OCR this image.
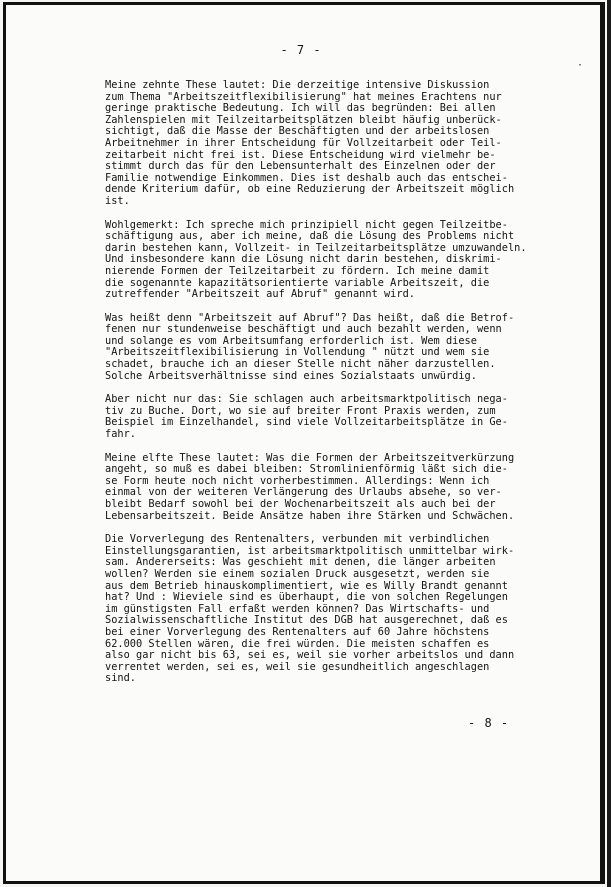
- 7 -
·
Meine zehnte These lautet: Die derzeitige intensive Diskussion
zum Thema "Arbeitszeitflexibilisierung" hat meines Erachtens nur
geringe praktische Bedeutung. Ich will das begründen: Bei allen
Zahlenspielen mit Teilzeitarbeitsplätzen bleibt häufig unberück-
sichtigt, daß die Masse der Beschäftigten und der arbeitslosen
Arbeitnehmer in ihrer Entscheidung für Vollzeitarbeit oder Teil-
zeitarbeit nicht frei ist. Diese Entscheidung wird vielmehr be-
stimmt durch das für den Lebensunterhalt des Einzelnen oder der
Familie notwendige Einkommen. Dies ist deshalb auch das entschei-
dende Kriterium dafür, ob eine Reduzierung der Arbeitszeit möglich
ist.
Wohlgemerkt: Ich spreche mich prinzipiell nicht gegen Teilzeitbe-
schäftigung aus, aber ich meine, daß die Lösung des Problems nicht
darin bestehen kann, Vollzeit- in Teilzeitarbeitsplätze umzuwandeln.
Und insbesondere kann die Lösung nicht darin bestehen, diskrimi-
nierende Formen der Teilzeitarbeit zu fördern. Ich meine damit
die sogenannte kapazitätsorientierte variable Arbeitszeit, die
zutreffender "Arbeitszeit auf Abruf" genannt wird.
Was heißt denn "Arbeitszeit auf Abruf"? Das heißt, daß die Betrof-
fenen nur stundenweise beschäftigt und auch bezahlt werden, wenn
und solange es vom Arbeitsumfang erforderlich ist. Wem diese
"Arbeitszeitflexibilisierung in Vollendung " nützt und wem sie
schadet, brauche ich an dieser Stelle nicht näher darzustellen.
Solche Arbeitsverhältnisse sind eines Sozialstaats unwürdig.
Aber nicht nur das: Sie schlagen auch arbeitsmarktpolitisch nega-
tiv zu Buche. Dort, wo sie auf breiter Front Praxis werden, zum
Beispiel im Einzelhandel, sind viele Vollzeitarbeitsplätze in Ge-
fahr.
Meine elfte These lautet: Was die Formen der Arbeitszeitverkürzung
angeht, so muß es dabei bleiben: Stromlinienförmig läßt sich die-
se Form heute noch nicht vorherbestimmen. Allerdings: Wenn ich
einmal von der weiteren Verlängerung des Urlaubs absehe, so ver-
bleibt Bedarf sowohl bei der Wochenarbeitszeit als auch bei der
Lebensarbeitszeit. Beide Ansätze haben ihre Stärken und Schwächen.
Die Vorverlegung des Rentenalters, verbunden mit verbindlichen
Einstellungsgarantien, ist arbeitsmarktpolitisch unmittelbar wirk-
sam. Andererseits: Was geschieht mit denen, die länger arbeiten
wollen? Werden sie einem sozialen Druck ausgesetzt, werden sie
aus dem Betrieb hinauskomplimentiert, wie es Willy Brandt genannt
hat? Und : Wieviele sind es überhaupt, die von solchen Regelungen
im günstigsten Fall erfaßt werden können? Das Wirtschafts- und
Sozialwissenschaftliche Institut des DGB hat ausgerechnet, daß es
bei einer Vorverlegung des Rentenalters auf 60 Jahre höchstens
62.000 Stellen wären, die frei würden. Die meisten schaffen es
also gar nicht bis 63, sei es, weil sie vorher arbeitslos und dann
verrentet werden, sei es, weil sie gesundheitlich angeschlagen
sind.
- 8 -
